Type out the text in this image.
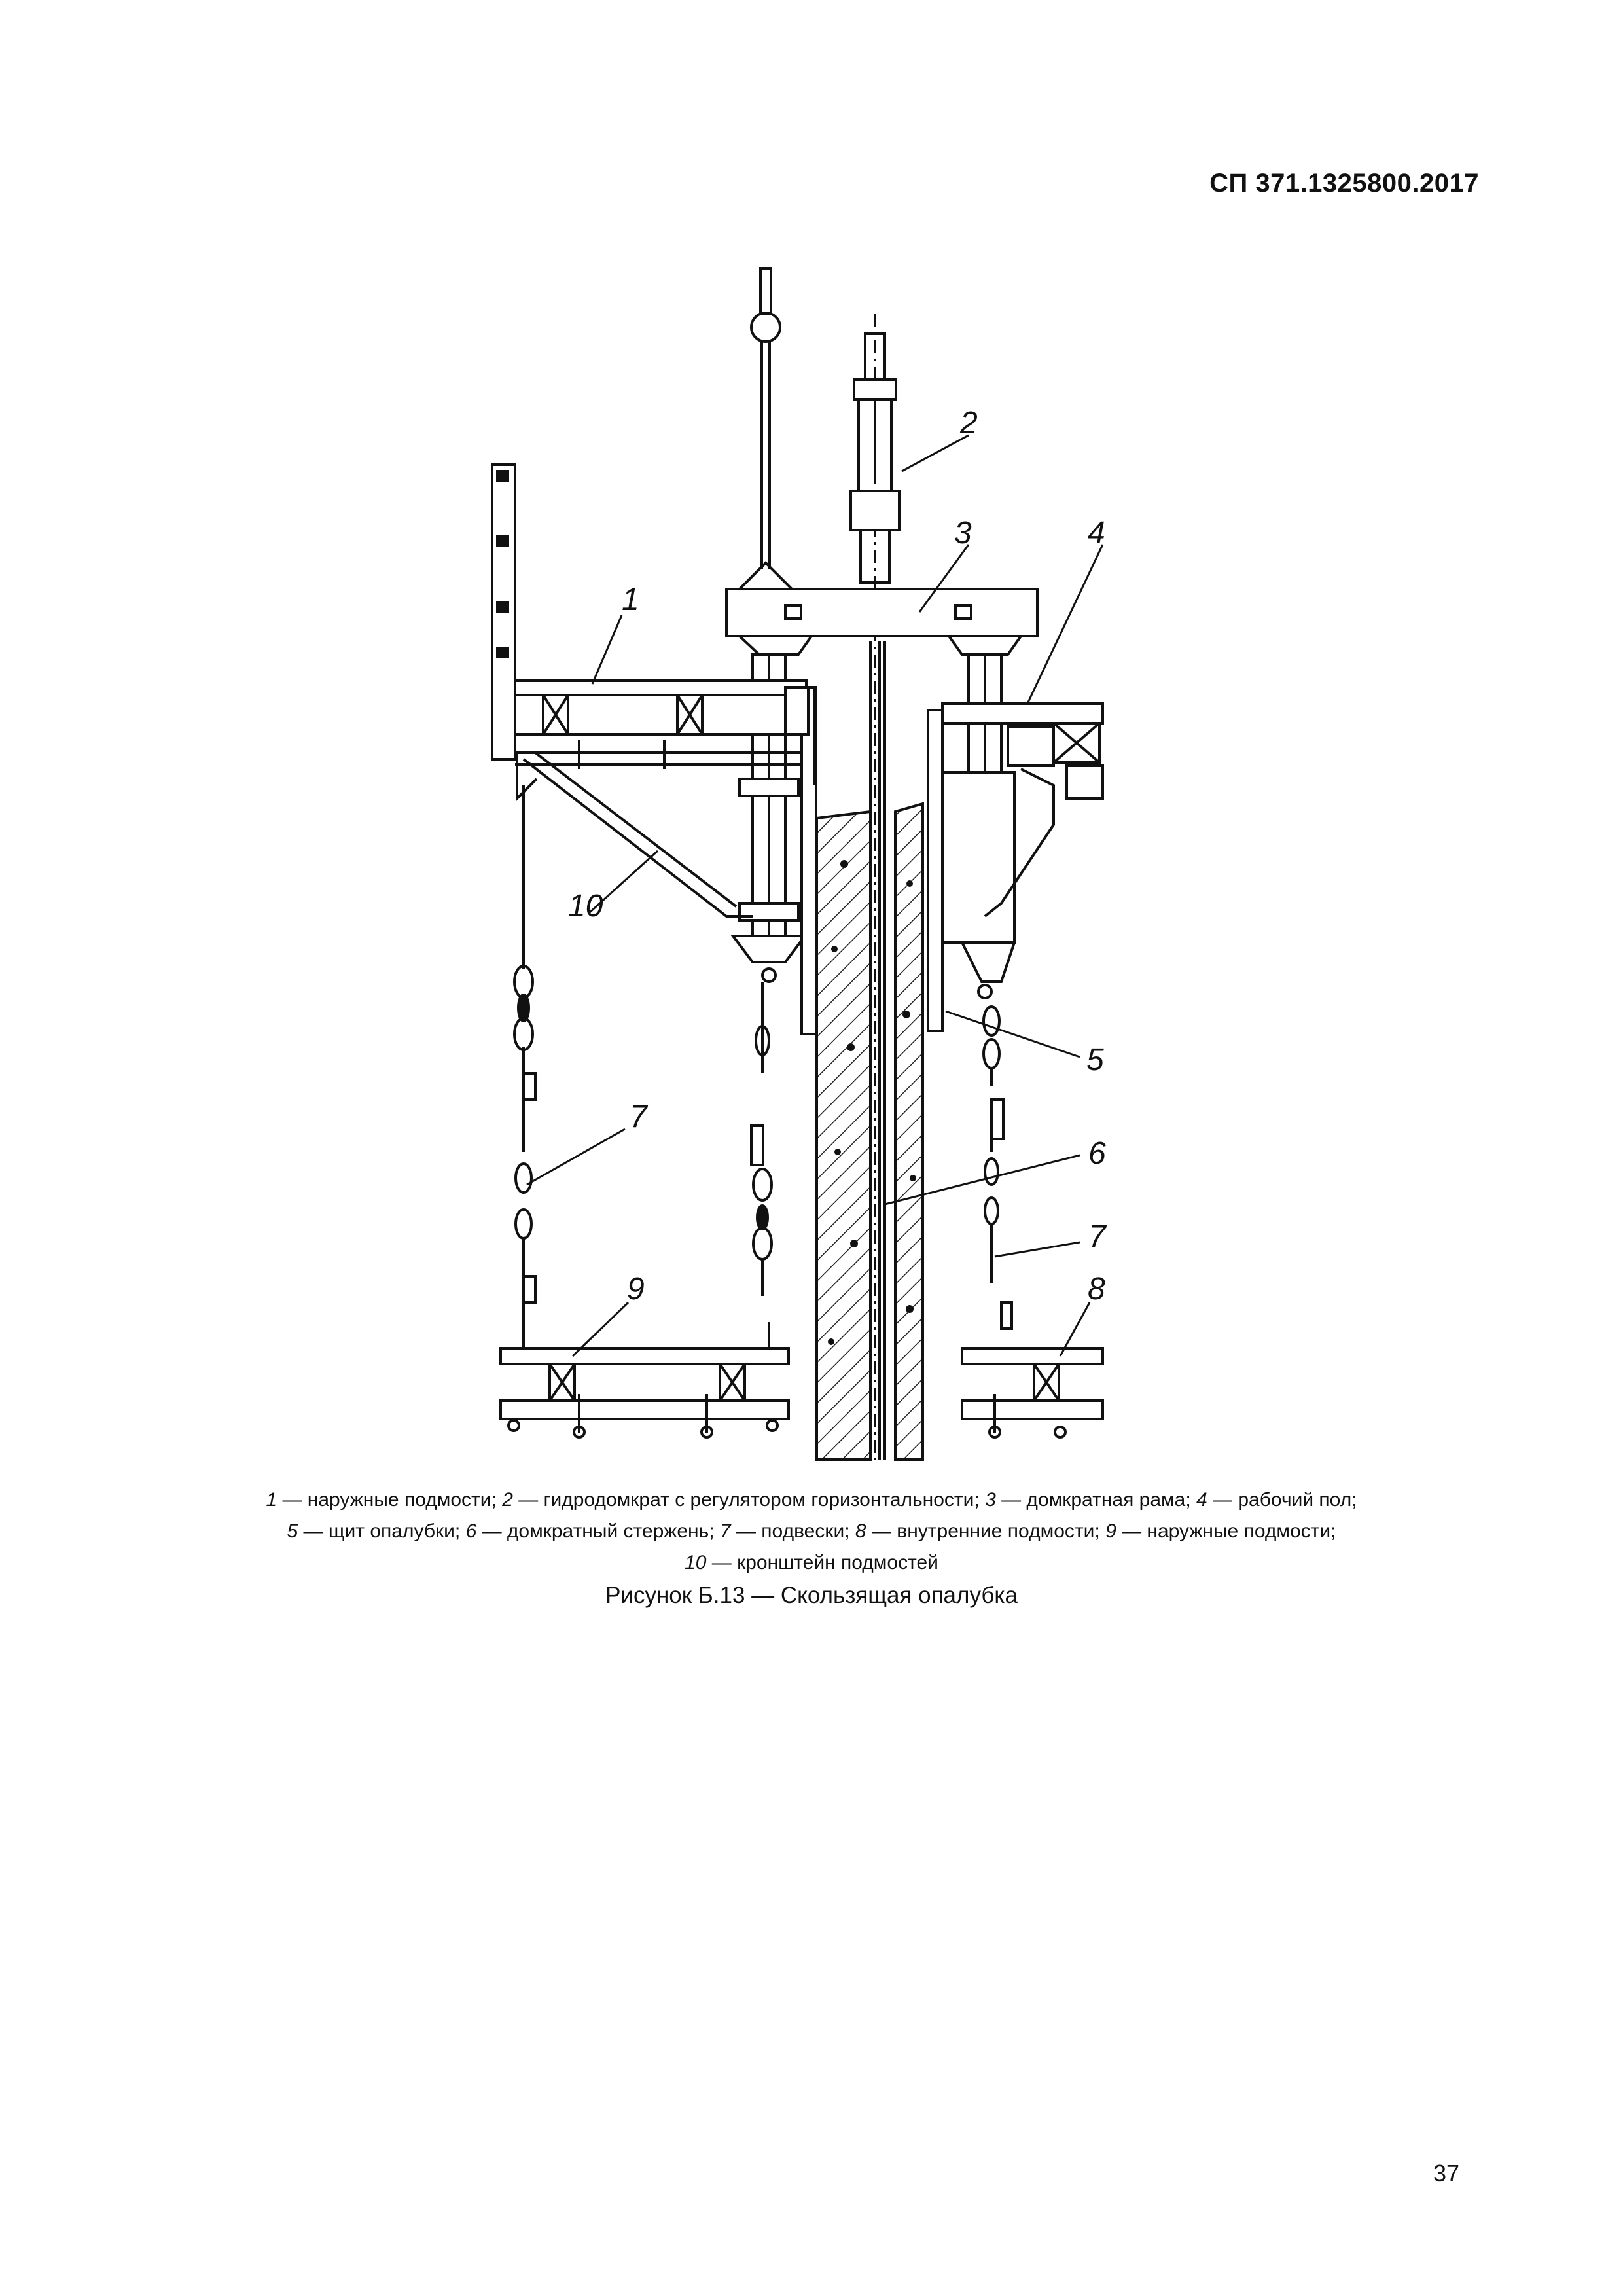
СП 371.1325800.2017
2
3	4
1
10
5
7
6
7
9	8
1 — наружные подмости; 2 — гидродомкрат с регулятором горизонтальности; 3 — домкратная рама; 4 — рабочий пол;
5 — щит опалубки; 6 — домкратный стержень; 7 — подвески; 8 — внутренние подмости; 9 — наружные подмости;
10 — кронштейн подмостей
Рисунок Б.13 — Скользящая опалубка
37
